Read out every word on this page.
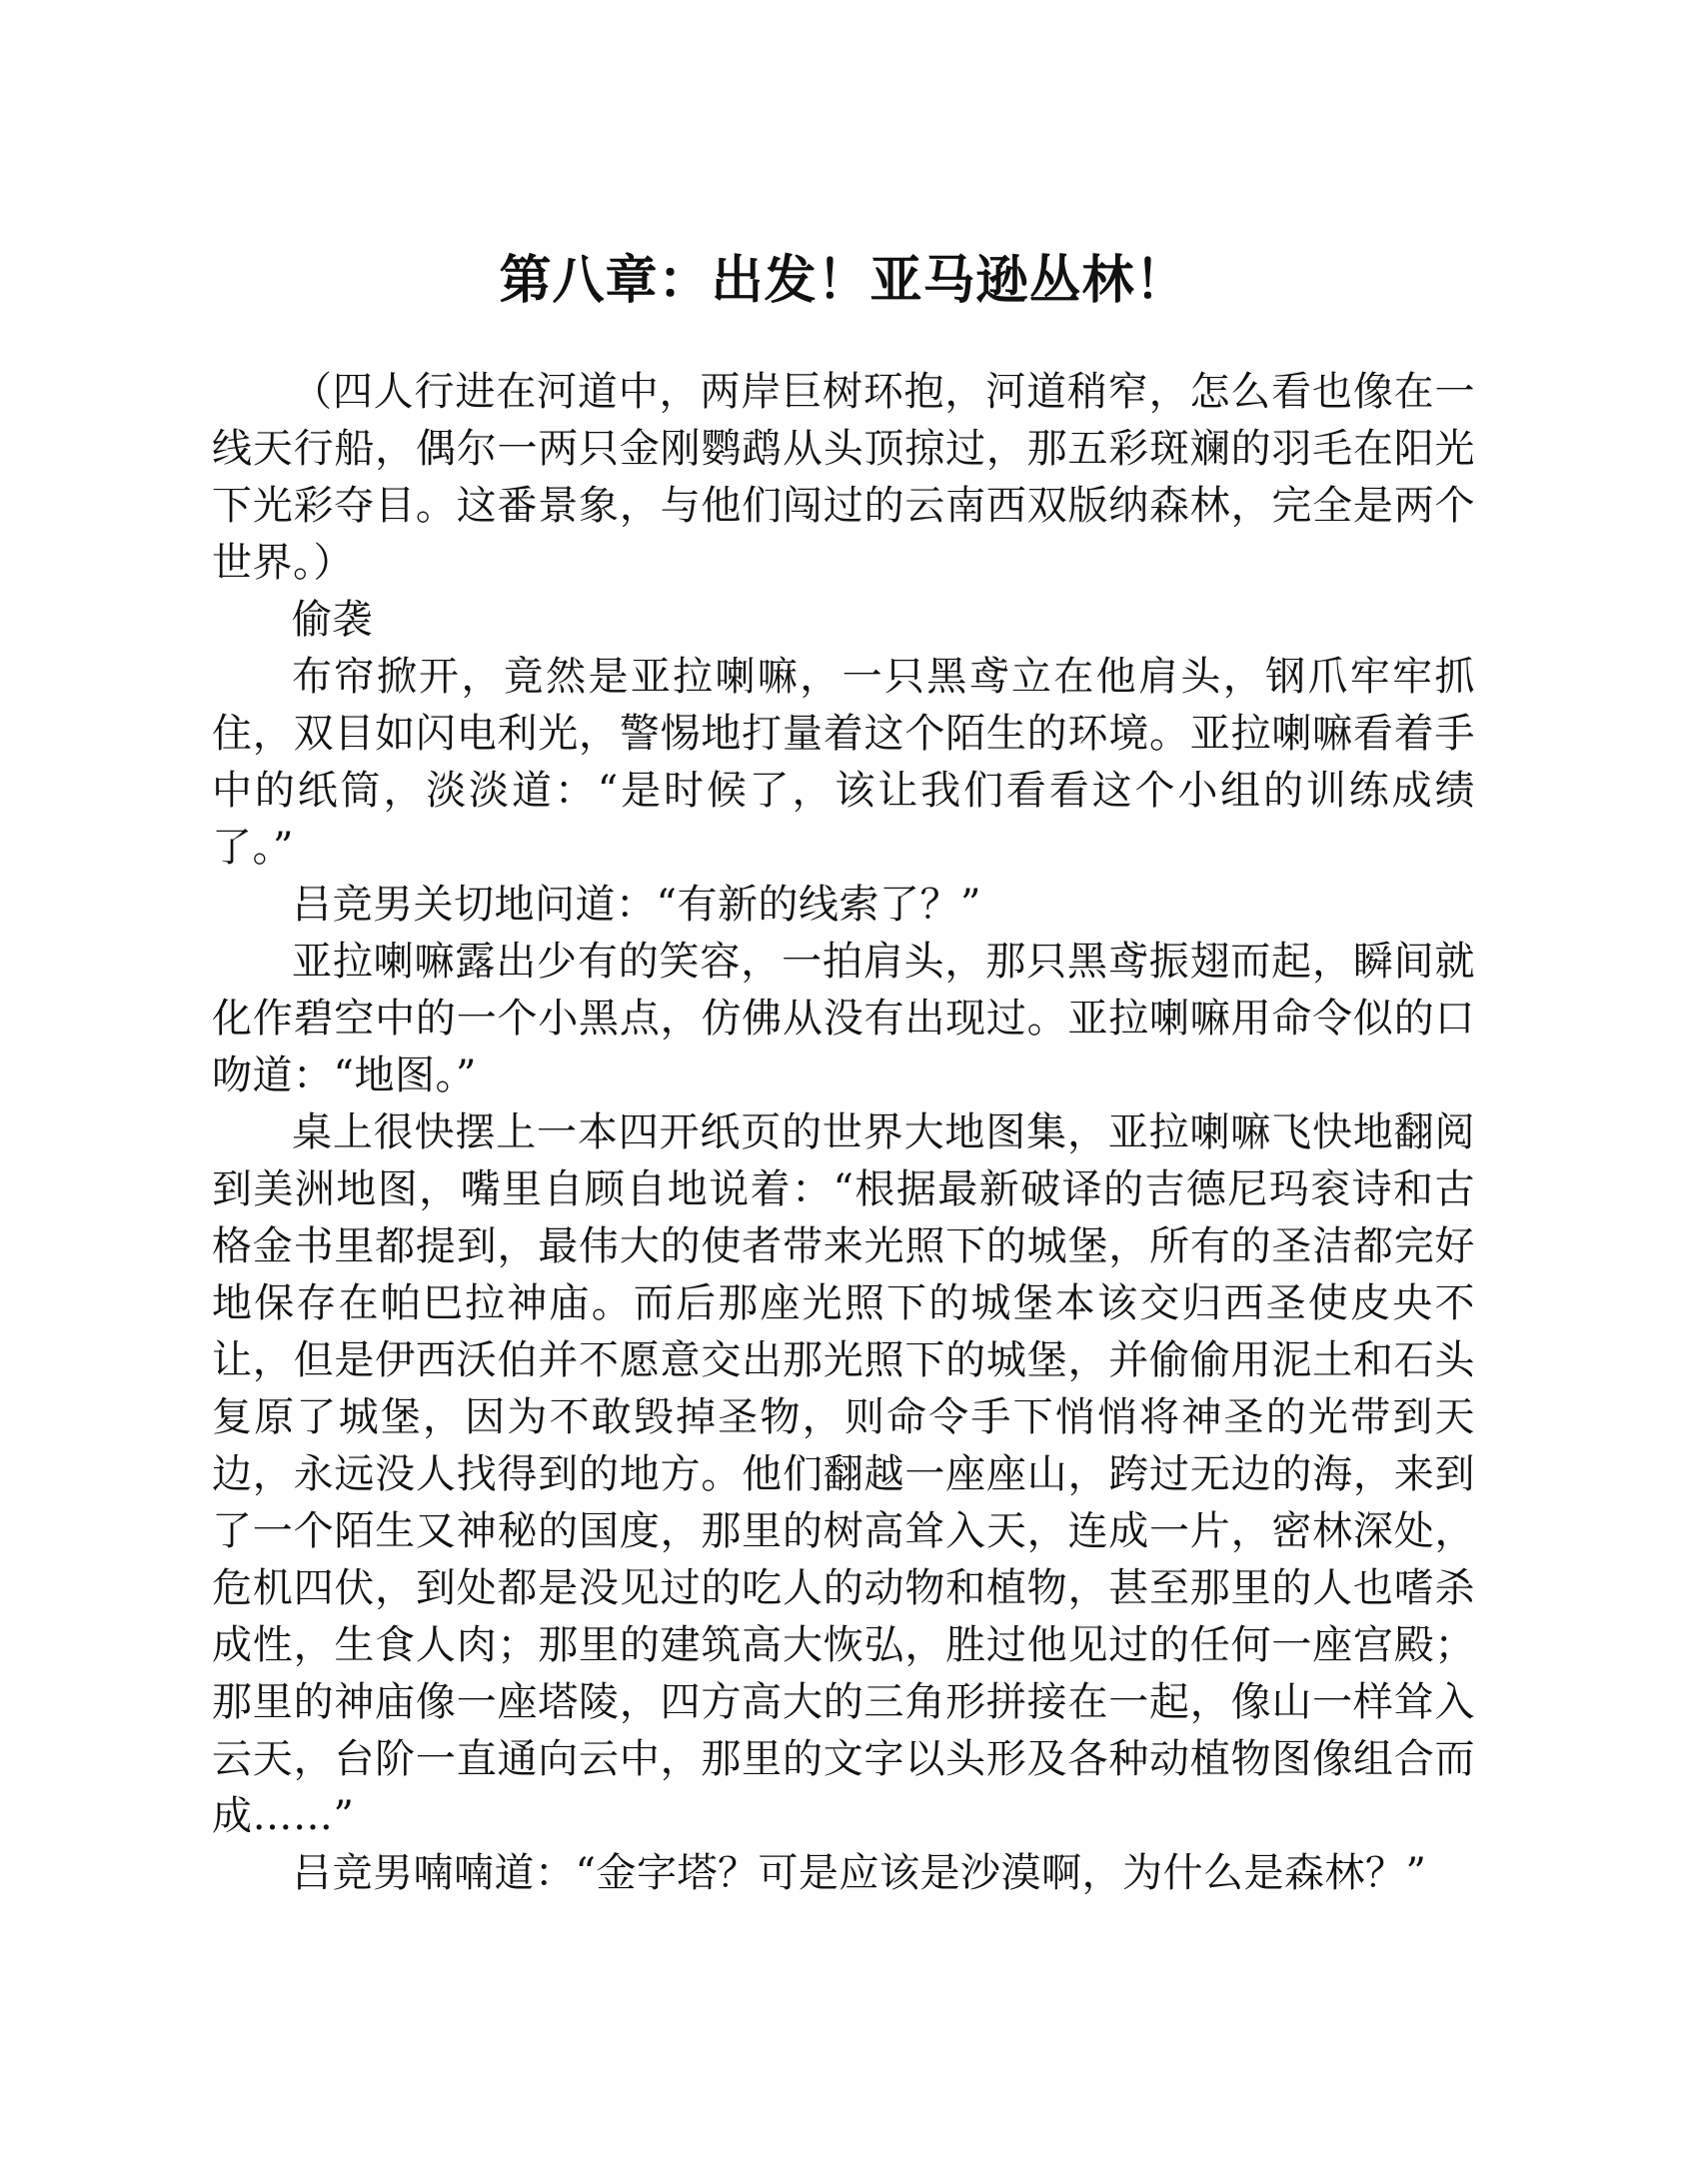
第八章：出发！亚马逊丛林！

（四人行进在河道中，两岸巨树环抱，河道稍窄，怎么看也像在一线天行船，偶尔一两只金刚鹦鹉从头顶掠过，那五彩斑斓的羽毛在阳光下光彩夺目。这番景象，与他们闯过的云南西双版纳森林，完全是两个世界。）

偷袭

布帘掀开，竟然是亚拉喇嘛，一只黑鸢立在他肩头，钢爪牢牢抓住，双目如闪电利光，警惕地打量着这个陌生的环境。亚拉喇嘛看着手中的纸筒，淡淡道：“是时候了，该让我们看看这个小组的训练成绩了。”

吕竞男关切地问道：“有新的线索了？”

亚拉喇嘛露出少有的笑容，一拍肩头，那只黑鸢振翅而起，瞬间就化作碧空中的一个小黑点，仿佛从没有出现过。亚拉喇嘛用命令似的口吻道：“地图。”

桌上很快摆上一本四开纸页的世界大地图集，亚拉喇嘛飞快地翻阅到美洲地图，嘴里自顾自地说着：“根据最新破译的吉德尼玛衮诗和古格金书里都提到，最伟大的使者带来光照下的城堡，所有的圣洁都完好地保存在帕巴拉神庙。而后那座光照下的城堡本该交归西圣使皮央不让，但是伊西沃伯并不愿意交出那光照下的城堡，并偷偷用泥土和石头复原了城堡，因为不敢毁掉圣物，则命令手下悄悄将神圣的光带到天边，永远没人找得到的地方。他们翻越一座座山，跨过无边的海，来到了一个陌生又神秘的国度，那里的树高耸入天，连成一片，密林深处，危机四伏，到处都是没见过的吃人的动物和植物，甚至那里的人也嗜杀成性，生食人肉；那里的建筑高大恢弘，胜过他见过的任何一座宫殿；那里的神庙像一座塔陵，四方高大的三角形拼接在一起，像山一样耸入云天，台阶一直通向云中，那里的文字以头形及各种动植物图像组合而成……”

吕竞男喃喃道：“金字塔？可是应该是沙漠啊，为什么是森林？”
